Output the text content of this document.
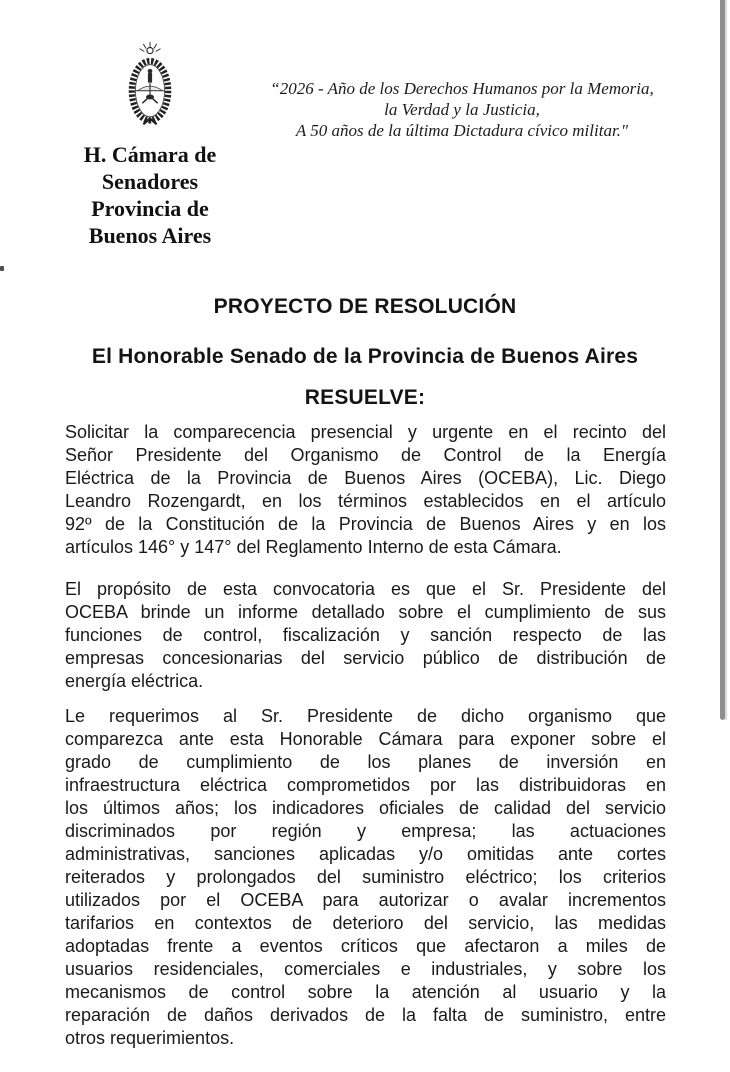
H. Cámara de
Senadores
Provincia de
Buenos Aires
“2026 - Año de los Derechos Humanos por la Memoria,
la Verdad y la Justicia,
A 50 años de la última Dictadura cívico militar."
PROYECTO DE RESOLUCIÓN
El Honorable Senado de la Provincia de Buenos Aires
RESUELVE:
Solicitar la comparecencia presencial y urgente en el recinto del
Señor Presidente del Organismo de Control de la Energía
Eléctrica de la Provincia de Buenos Aires (OCEBA), Lic. Diego
Leandro Rozengardt, en los términos establecidos en el artículo
92º de la Constitución de la Provincia de Buenos Aires y en los
artículos 146° y 147° del Reglamento Interno de esta Cámara.
El propósito de esta convocatoria es que el Sr. Presidente del
OCEBA brinde un informe detallado sobre el cumplimiento de sus
funciones de control, fiscalización y sanción respecto de las
empresas concesionarias del servicio público de distribución de
energía eléctrica.
Le requerimos al Sr. Presidente de dicho organismo que
comparezca ante esta Honorable Cámara para exponer sobre el
grado de cumplimiento de los planes de inversión en
infraestructura eléctrica comprometidos por las distribuidoras en
los últimos años; los indicadores oficiales de calidad del servicio
discriminados por región y empresa; las actuaciones
administrativas, sanciones aplicadas y/o omitidas ante cortes
reiterados y prolongados del suministro eléctrico; los criterios
utilizados por el OCEBA para autorizar o avalar incrementos
tarifarios en contextos de deterioro del servicio, las medidas
adoptadas frente a eventos críticos que afectaron a miles de
usuarios residenciales, comerciales e industriales, y sobre los
mecanismos de control sobre la atención al usuario y la
reparación de daños derivados de la falta de suministro, entre
otros requerimientos.
